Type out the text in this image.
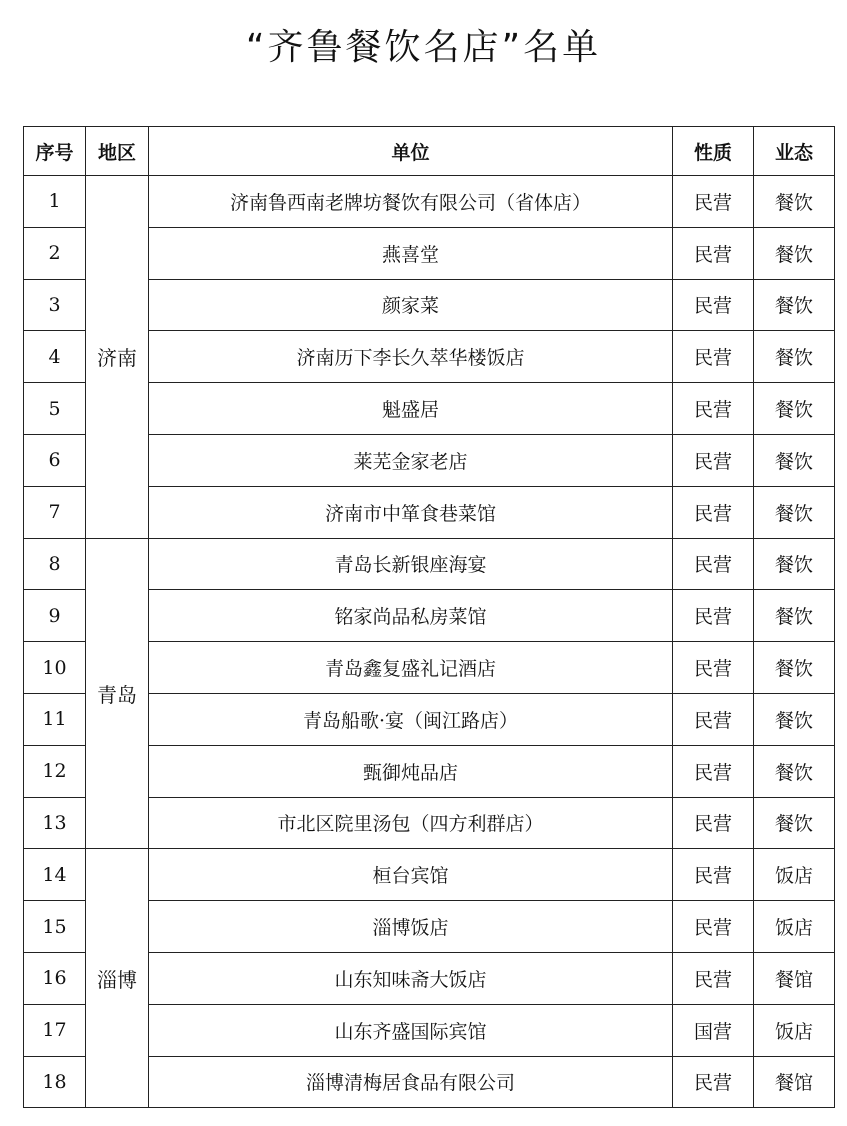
“齐鲁餐饮名店”名单
序号	地区	单位	性质	业态
1	济南	济南鲁西南老牌坊餐饮有限公司（省体店）	民营	餐饮
2		燕喜堂	民营	餐饮
3		颜家菜	民营	餐饮
4		济南历下李长久萃华楼饭店	民营	餐饮
5		魁盛居	民营	餐饮
6		莱芜金家老店	民营	餐饮
7		济南市中箪食巷菜馆	民营	餐饮
8	青岛	青岛长新银座海宴	民营	餐饮
9		铭家尚品私房菜馆	民营	餐饮
10		青岛鑫复盛礼记酒店	民营	餐饮
11		青岛船歌·宴（闽江路店）	民营	餐饮
12		甄御炖品店	民营	餐饮
13		市北区院里汤包（四方利群店）	民营	餐饮
14	淄博	桓台宾馆	民营	饭店
15		淄博饭店	民营	饭店
16		山东知味斋大饭店	民营	餐馆
17		山东齐盛国际宾馆	国营	饭店
18		淄博清梅居食品有限公司	民营	餐馆
